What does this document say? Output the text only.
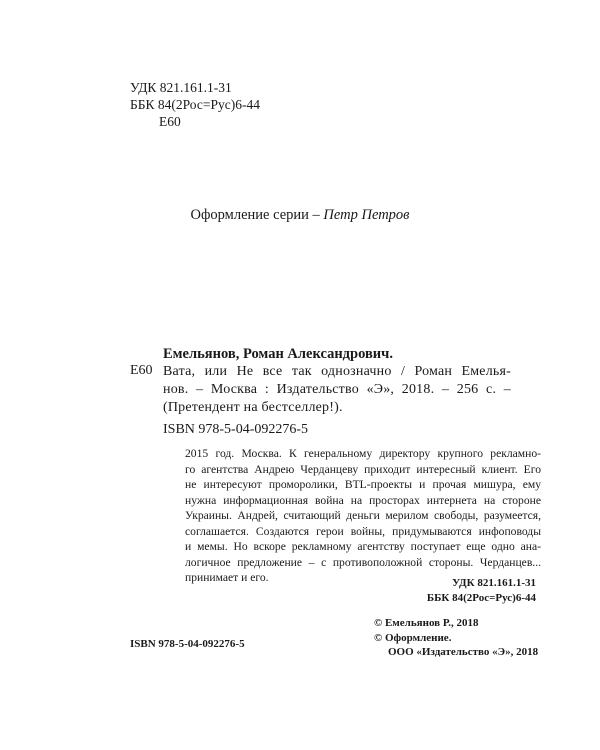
УДК 821.161.1-31
ББК 84(2Рос=Рус)6-44
Е60
Оформление серии – Петр Петров
Емельянов, Роман Александрович.
Е60 Вата, или Не все так однозначно / Роман Емелья-
нов. – Москва : Издательство «Э», 2018. – 256 с. –
(Претендент на бестселлер!).
ISBN 978-5-04-092276-5
2015 год. Москва. К генеральному директору крупного рекламно-
го агентства Андрею Черданцеву приходит интересный клиент. Его
не интересуют проморолики, BTL-проекты и прочая мишура, ему
нужна информационная война на просторах интернета на стороне
Украины. Андрей, считающий деньги мерилом свободы, разумеется,
соглашается. Создаются герои войны, придумываются инфоповоды
и мемы. Но вскоре рекламному агентству поступает еще одно ана-
логичное предложение – с противоположной стороны. Черданцев...
принимает и его.	УДК 821.161.1-31
ББК 84(2Рос=Рус)6-44
© Емельянов Р., 2018
© Оформление.
ООО «Издательство «Э», 2018
ISBN 978-5-04-092276-5
